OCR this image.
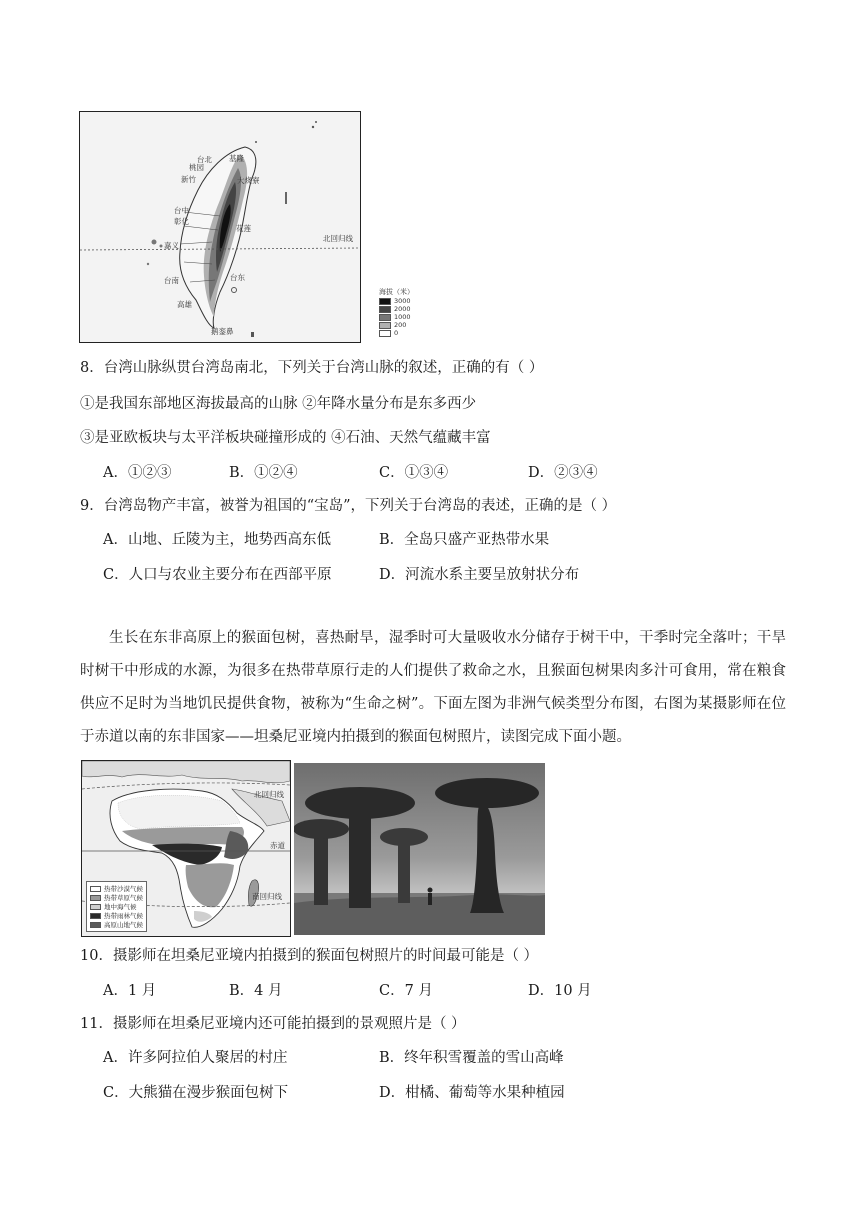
台北 基隆
桃园
新竹	大烧寮
台中
彰化
花莲
嘉义
北回归线
台南	台东
高雄
鹅銮鼻
海拔（米）
3000
2000
1000
200
0
8．台湾山脉纵贯台湾岛南北，下列关于台湾山脉的叙述，正确的有（ ）
①是我国东部地区海拔最高的山脉 ②年降水量分布是东多西少
③是亚欧板块与太平洋板块碰撞形成的 ④石油、天然气蕴藏丰富
A．①②③	B．①②④	C．①③④	D．②③④
9．台湾岛物产丰富，被誉为祖国的“宝岛”，下列关于台湾岛的表述，正确的是（ ）
A．山地、丘陵为主，地势西高东低	B．全岛只盛产亚热带水果
C．人口与农业主要分布在西部平原	D．河流水系主要呈放射状分布
生长在东非高原上的猴面包树，喜热耐旱，湿季时可大量吸收水分储存于树干中，干季时完全落叶；干旱时树干中形成的水源，为很多在热带草原行走的人们提供了救命之水，且猴面包树果肉多汁可食用，常在粮食供应不足时为当地饥民提供食物，被称为“生命之树”。下面左图为非洲气候类型分布图，右图为某摄影师在位于赤道以南的东非国家——坦桑尼亚境内拍摄到的猴面包树照片，读图完成下面小题。
北回归线
赤道
南回归线
热带沙漠气候
热带草原气候
地中海气候
热带雨林气候
高原山地气候
10．摄影师在坦桑尼亚境内拍摄到的猴面包树照片的时间最可能是（ ）
A．1 月	B．4 月	C．7 月	D．10 月
11．摄影师在坦桑尼亚境内还可能拍摄到的景观照片是（ ）
A．许多阿拉伯人聚居的村庄	B．终年积雪覆盖的雪山高峰
C．大熊猫在漫步猴面包树下	D．柑橘、葡萄等水果种植园
